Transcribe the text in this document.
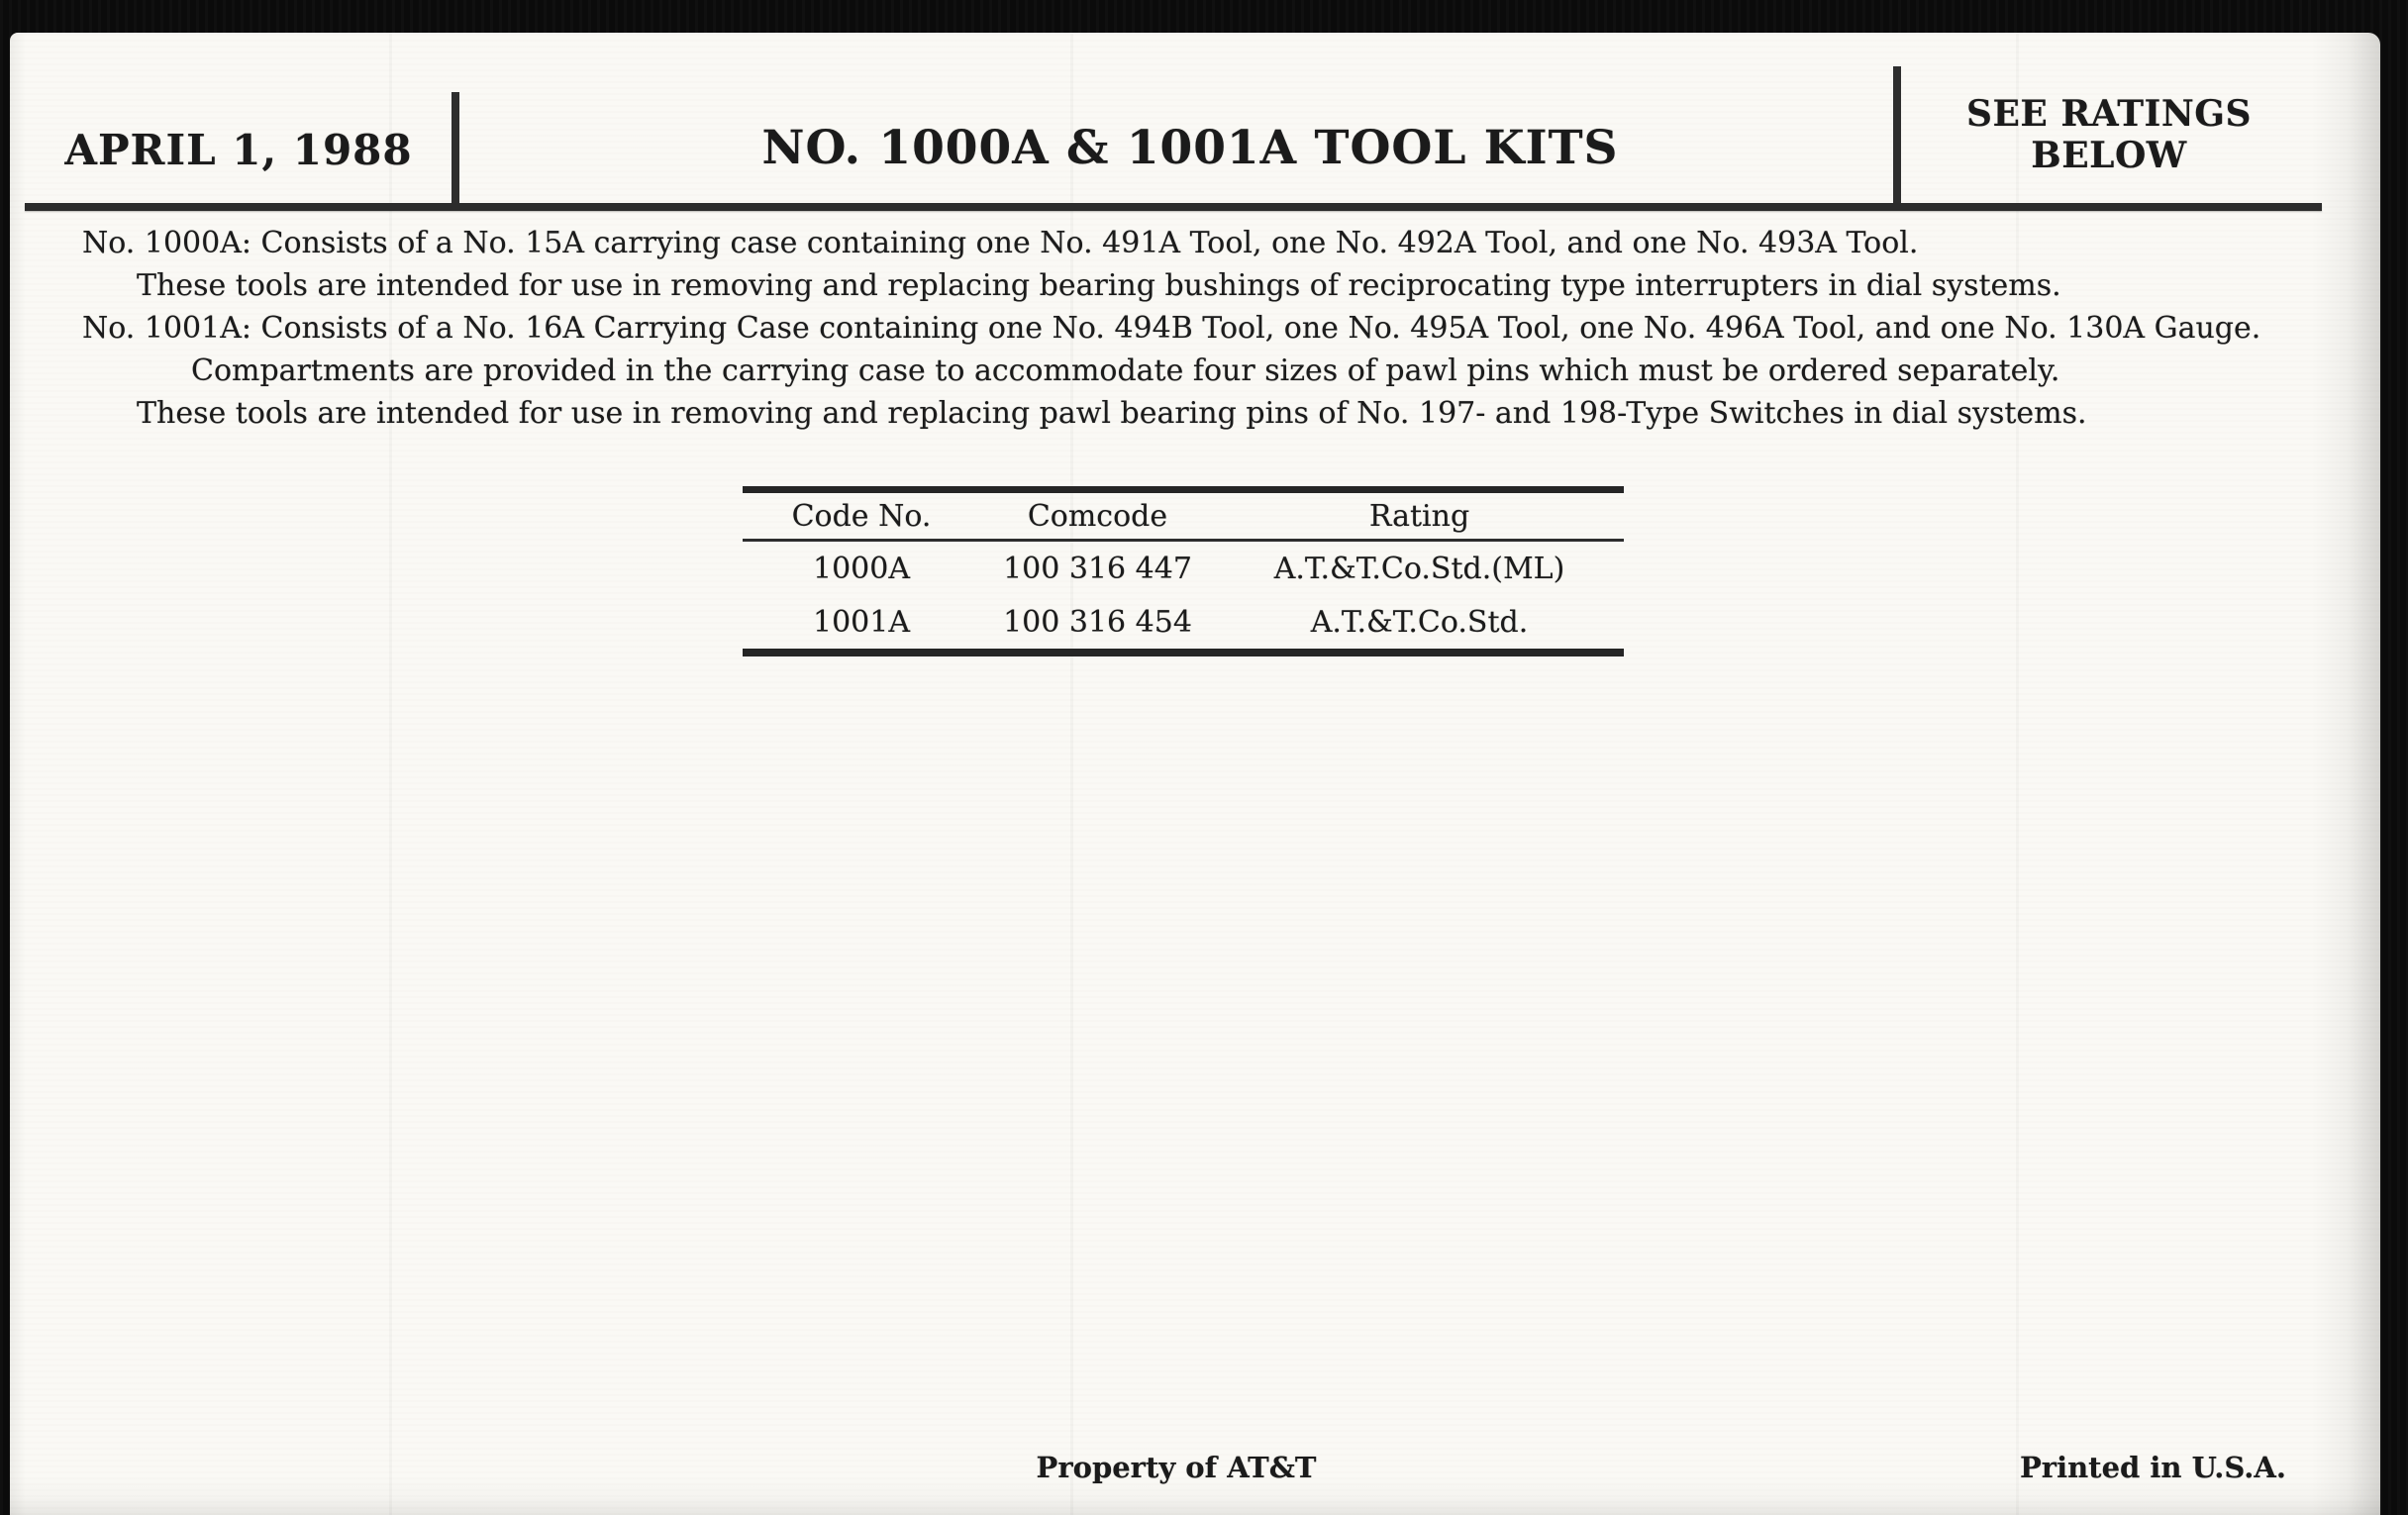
APRIL 1, 1988	NO. 1000A & 1001A TOOL KITS
SEE RATINGS BELOW
No. 1000A: Consists of a No. 15A carrying case containing one No. 491A Tool, one No. 492A Tool, and one No. 493A Tool.
These tools are intended for use in removing and replacing bearing bushings of reciprocating type interrupters in dial systems.
No. 1001A: Consists of a No. 16A Carrying Case containing one No. 494B Tool, one No. 495A Tool, one No. 496A Tool, and one No. 130A Gauge.
Compartments are provided in the carrying case to accommodate four sizes of pawl pins which must be ordered separately.
These tools are intended for use in removing and replacing pawl bearing pins of No. 197- and 198-Type Switches in dial systems.
Code No.	Comcode	Rating
1000A	100 316 447	A.T.&T.Co.Std.(ML)
1001A	100 316 454	A.T.&T.Co.Std.
Property of AT&T	Printed in U.S.A.
